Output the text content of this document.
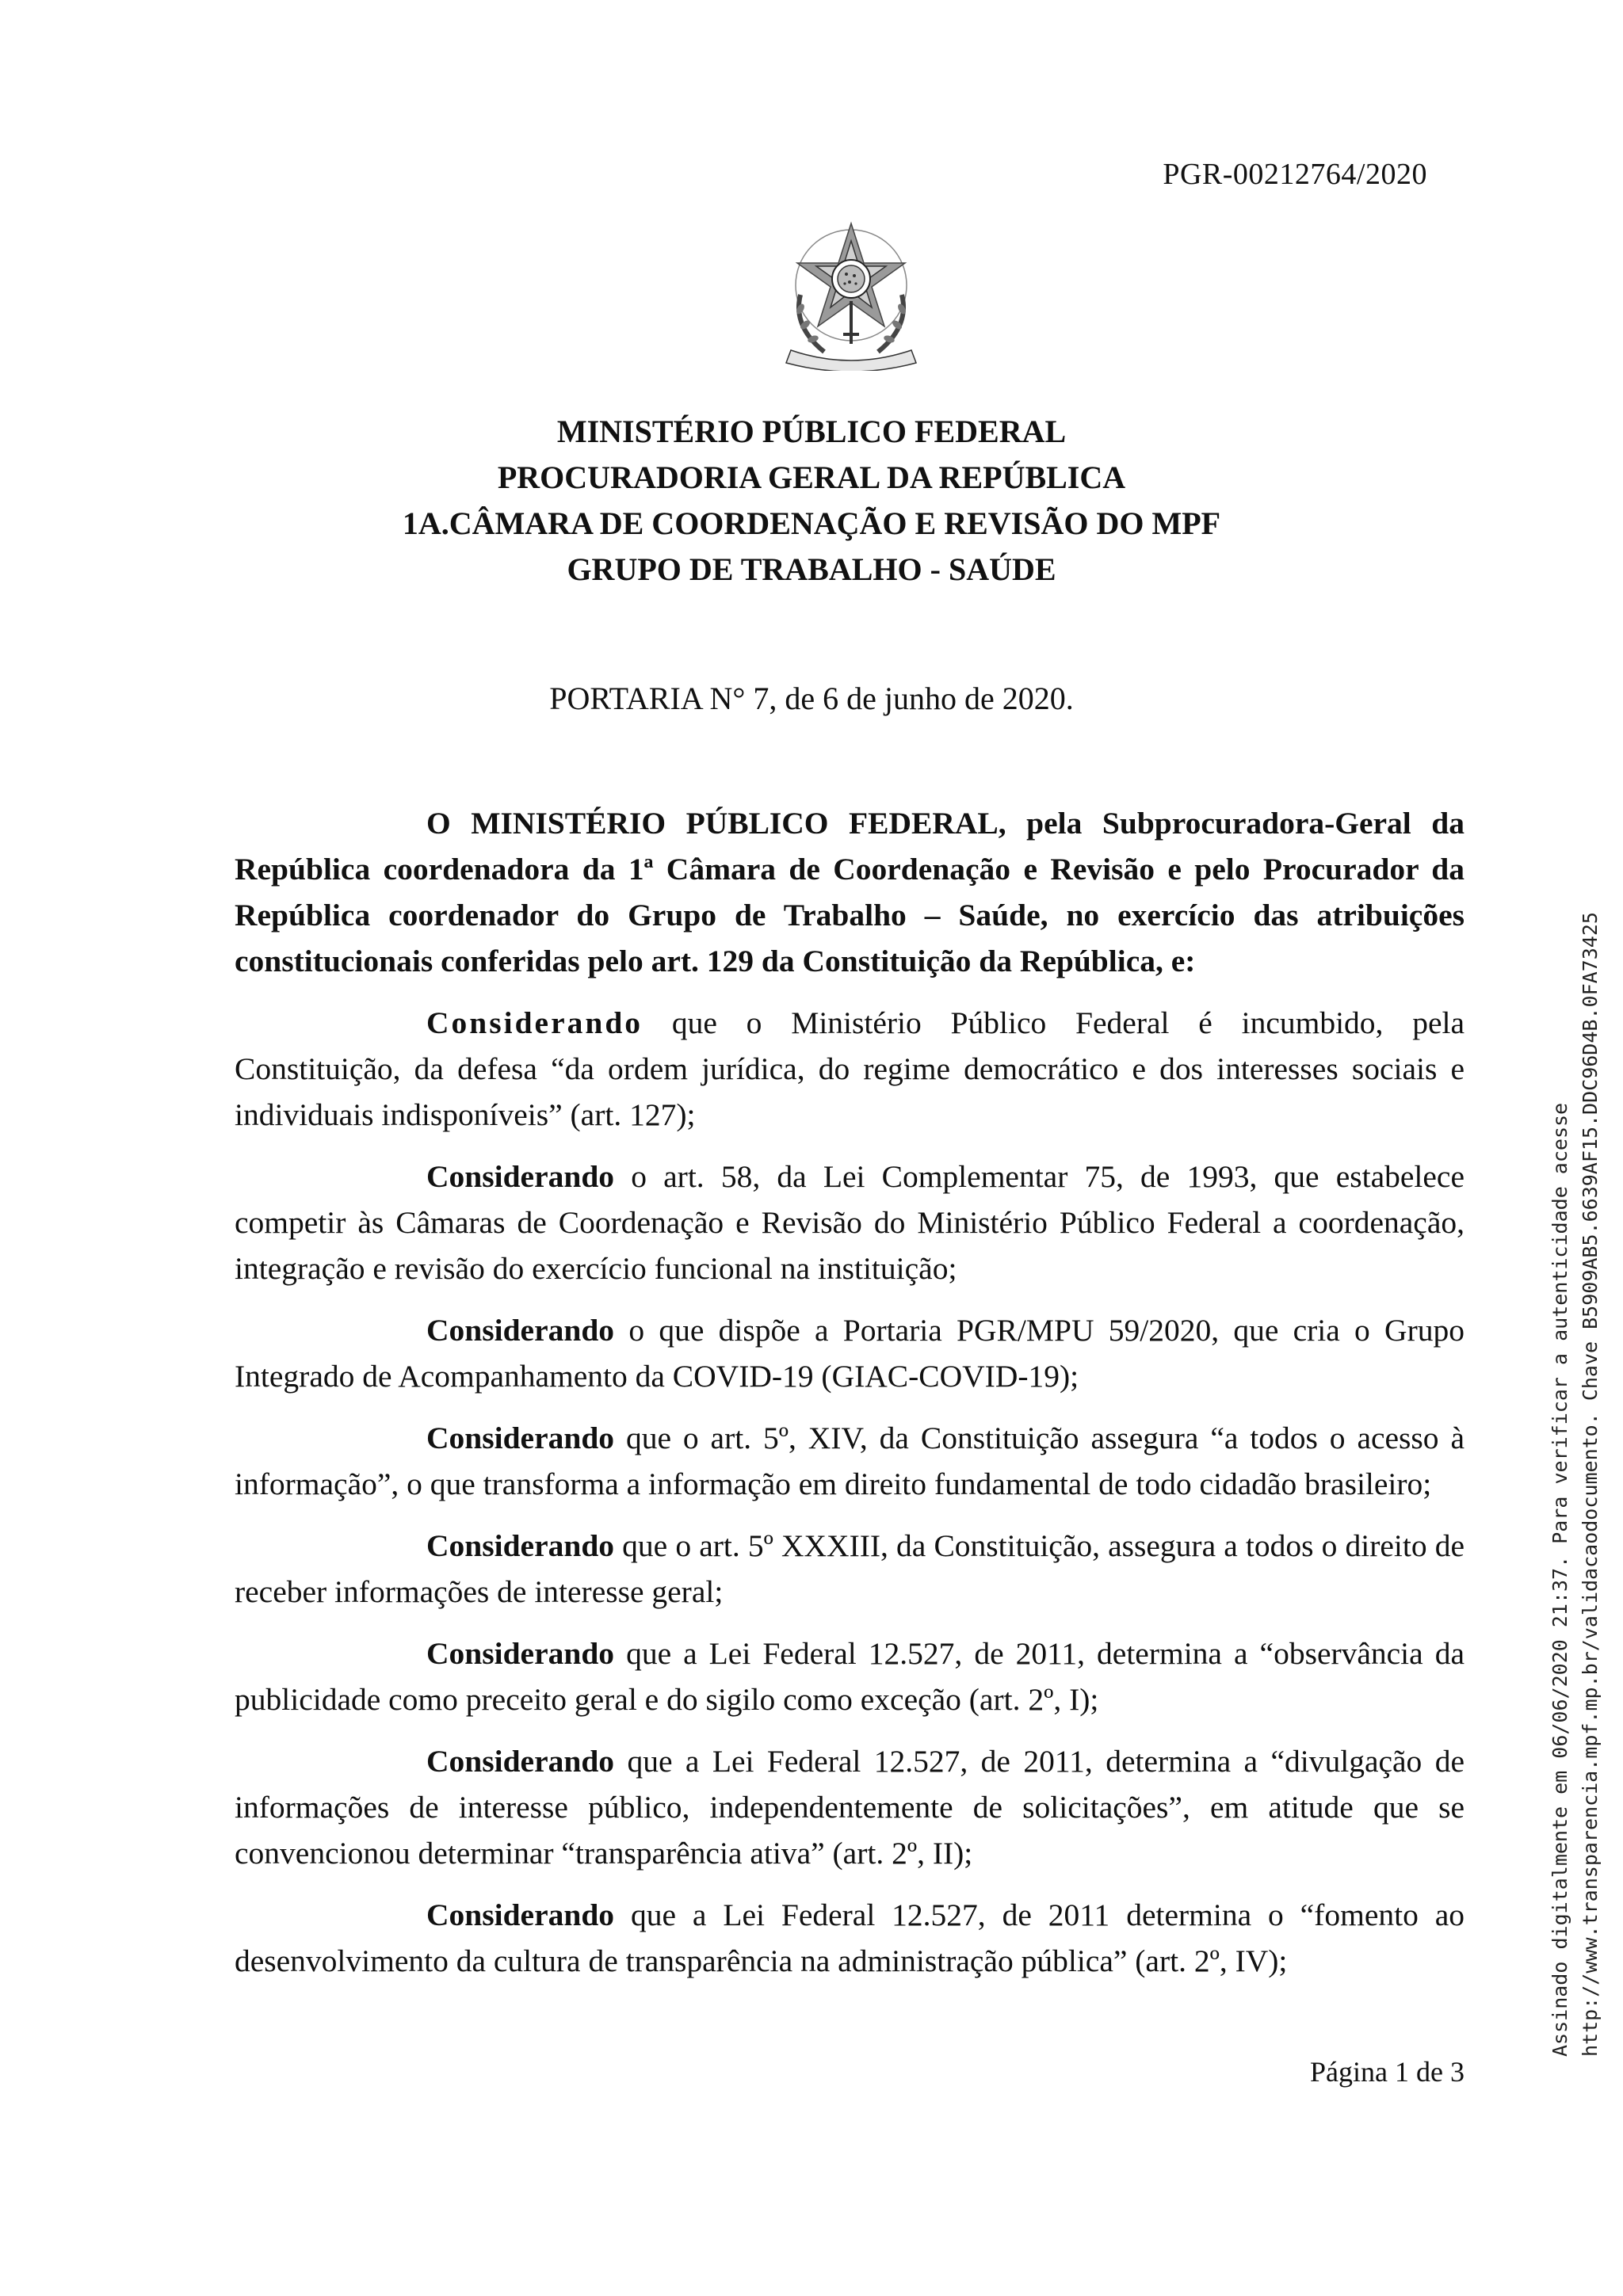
PGR-00212764/2020
MINISTÉRIO PÚBLICO FEDERAL
PROCURADORIA GERAL DA REPÚBLICA
1A.CÂMARA DE COORDENAÇÃO E REVISÃO DO MPF
GRUPO DE TRABALHO - SAÚDE
PORTARIA N° 7, de 6 de junho de 2020.

O MINISTÉRIO PÚBLICO FEDERAL, pela Subprocuradora-Geral da República coordenadora da 1ª Câmara de Coordenação e Revisão e pelo Procurador da República coordenador do Grupo de Trabalho – Saúde, no exercício das atribuições constitucionais conferidas pelo art. 129 da Constituição da República, e:

Considerando que o Ministério Público Federal é incumbido, pela Constituição, da defesa “da ordem jurídica, do regime democrático e dos interesses sociais e individuais indisponíveis” (art. 127);

Considerando o art. 58, da Lei Complementar 75, de 1993, que estabelece competir às Câmaras de Coordenação e Revisão do Ministério Público Federal a coordenação, integração e revisão do exercício funcional na instituição;

Considerando o que dispõe a Portaria PGR/MPU 59/2020, que cria o Grupo Integrado de Acompanhamento da COVID-19 (GIAC-COVID-19);

Considerando que o art. 5º, XIV, da Constituição assegura “a todos o acesso à informação”, o que transforma a informação em direito fundamental de todo cidadão brasileiro;

Considerando que o art. 5º XXXIII, da Constituição, assegura a todos o direito de receber informações de interesse geral;

Considerando que a Lei Federal 12.527, de 2011, determina a “observância da publicidade como preceito geral e do sigilo como exceção (art. 2º, I);

Considerando que a Lei Federal 12.527, de 2011, determina a “divulgação de informações de interesse público, independentemente de solicitações”, em atitude que se convencionou determinar “transparência ativa” (art. 2º, II);

Considerando que a Lei Federal 12.527, de 2011 determina o “fomento ao desenvolvimento da cultura de transparência na administração pública” (art. 2º, IV);

Página 1 de 3
Assinado digitalmente em 06/06/2020 21:37. Para verificar a autenticidade acesse http://www.transparencia.mpf.mp.br/validacaodocumento. Chave B5909AB5.6639AF15.DDC96D4B.0FA73425
